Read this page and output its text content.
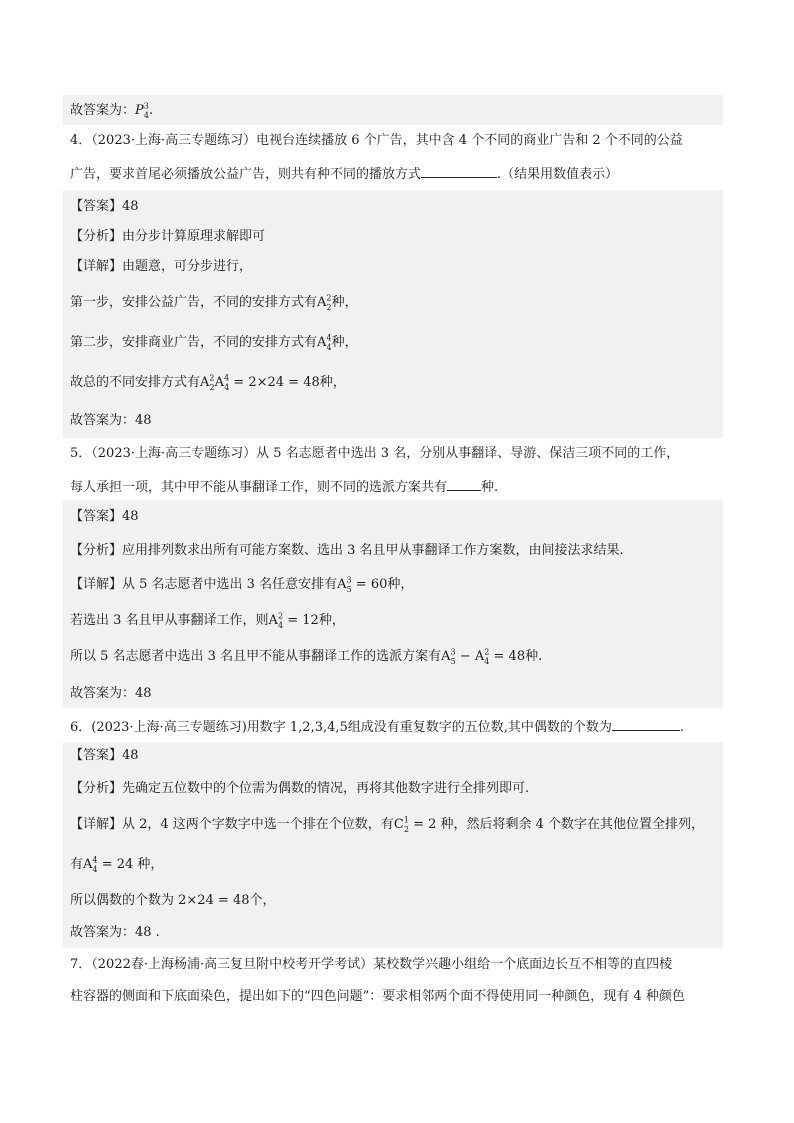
故答案为：$P^3_4$.
4．（2023·上海·高三专题练习）电视台连续播放 6 个广告，其中含 4 个不同的商业广告和 2 个不同的公益
广告，要求首尾必须播放公益广告，则共有种不同的播放方式	.（结果用数值表示）
【答案】48
【分析】由分步计算原理求解即可
【详解】由题意，可分步进行，
第一步，安排公益广告，不同的安排方式有$A^2_2$种，
第二步，安排商业广告，不同的安排方式有$A^4_4$种，
故总的不同安排方式有$A^2_2A^4_4 = 2\times 24 = 48$种，
故答案为：48
5．（2023·上海·高三专题练习）从 5 名志愿者中选出 3 名，分别从事翻译、导游、保洁三项不同的工作，
每人承担一项，其中甲不能从事翻译工作，则不同的选派方案共有	种.
【答案】48
【分析】应用排列数求出所有可能方案数、选出 3 名且甲从事翻译工作方案数，由间接法求结果.
【详解】从 5 名志愿者中选出 3 名任意安排有$A^3_5 = 60$种，
若选出 3 名且甲从事翻译工作，则$A^2_4 = 12$种，
所以 5 名志愿者中选出 3 名且甲不能从事翻译工作的选派方案有$A^3_5 - A^2_4 = 48$种.
故答案为：48
6．(2023·上海·高三专题练习)用数字 1,2,3,4,5组成没有重复数字的五位数,其中偶数的个数为	.
【答案】48
【分析】先确定五位数中的个位需为偶数的情况，再将其他数字进行全排列即可.
【详解】从 2，4 这两个字数字中选一个排在个位数，有$C^1_2 = 2$ 种，然后将剩余 4 个数字在其他位置全排列，
有$A^4_4 = 24$ 种，
所以偶数的个数为 2×24 = 48个，
故答案为：48 .
7．（2022春·上海杨浦·高三复旦附中校考开学考试）某校数学兴趣小组给一个底面边长互不相等的直四棱
柱容器的侧面和下底面染色，提出如下的“四色问题”：要求相邻两个面不得使用同一种颜色，现有 4 种颜色
